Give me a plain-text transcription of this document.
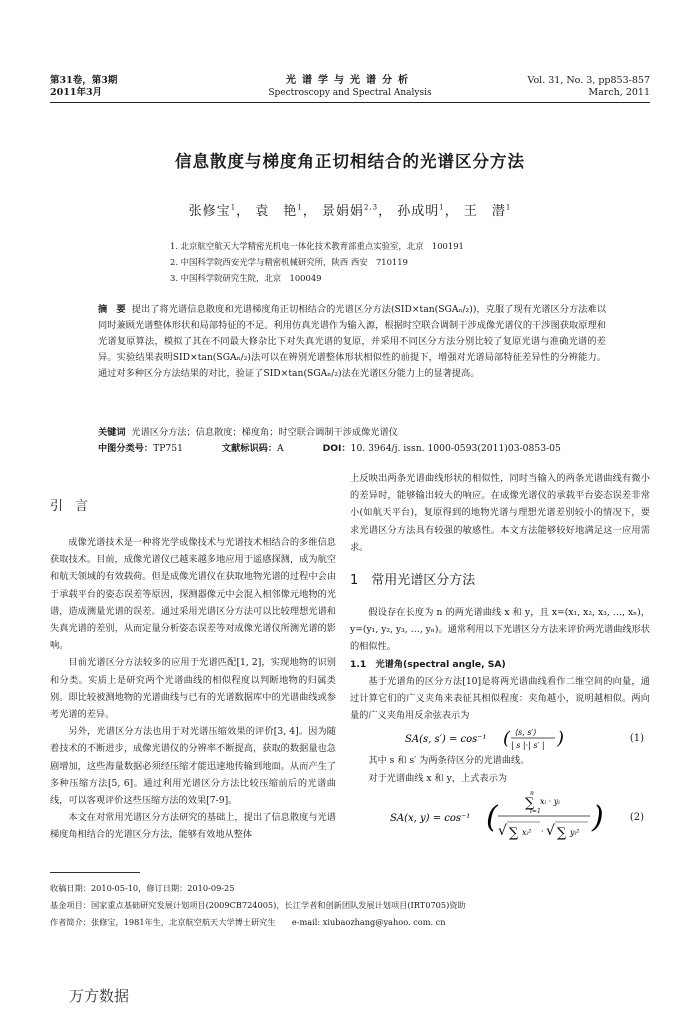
第31卷，第3期
2011年3月
光谱学与光谱分析
Spectroscopy and Spectral Analysis
Vol. 31, No. 3, pp853-857
March, 2011
信息散度与梯度角正切相结合的光谱区分方法
张修宝$^1$， 袁　艳$^1$， 景娟娟$^{2,3}$， 孙成明$^1$， 王　潜$^1$
1. 北京航空航天大学精密光机电一体化技术教育部重点实验室，北京　100191
2. 中国科学院西安光学与精密机械研究所，陕西 西安　710119
3. 中国科学院研究生院，北京　100049
摘　要 提出了将光谱信息散度和光谱梯度角正切相结合的光谱区分方法(SID×tan(SGAₙ/₂))，克服了现有光谱区分方法难以同时兼顾光谱整体形状和局部特征的不足。利用仿真光谱作为输入源，根据时空联合调制干涉成像光谱仪的干涉图获取原理和光谱复原算法，模拟了其在不同最大修杂比下对失真光谱的复原，并采用不同区分方法分别比较了复原光谱与准确光谱的差异。实验结果表明SID×tan(SGAₙ/₂)法可以在辨别光谱整体形状相似性的前提下，增强对光谱局部特征差异性的分辨能力。通过对多种区分方法结果的对比，验证了SID×tan(SGAₙ/₂)法在光谱区分能力上的显著提高。
关键词 光谱区分方法；信息散度；梯度角；时空联合调制干涉成像光谱仪
中图分类号：TP751	文献标识码：A	DOI：10. 3964/j. issn. 1000-0593(2011)03-0853-05
引言

成像光谱技术是一种将光学成像技术与光谱技术相结合的多维信息获取技术。目前，成像光谱仪已越来越多地应用于遥感探测，成为航空和航天领域的有效载荷。但是成像光谱仪在获取地物光谱的过程中会由于承载平台的姿态误差等原因，探测器像元中会混入相邻像元地物的光谱，造成测量光谱的误差。通过采用光谱区分方法可以比较理想光谱和失真光谱的差别，从而定量分析姿态误差等对成像光谱仪所测光谱的影响。

目前光谱区分方法较多的应用于光谱匹配[1, 2]，实现地物的识别和分类。实质上是研究两个光谱曲线的相似程度以判断地物的归属类别。即比较被测地物的光谱曲线与已有的光谱数据库中的光谱曲线或参考光谱的差异。

另外，光谱区分方法也用于对光谱压缩效果的评价[3, 4]。因为随着技术的不断进步，成像光谱仪的分辨率不断提高，获取的数据量也急剧增加，这些海量数据必须经压缩才能迅速地传输到地面。从而产生了多种压缩方法[5, 6]。通过利用光谱区分方法比较压缩前后的光谱曲线，可以客观评价这些压缩方法的效果[7-9]。

本文在对常用光谱区分方法研究的基础上，提出了信息散度与光谱梯度角相结合的光谱区分方法，能够有效地从整体

上反映出两条光谱曲线形状的相似性，同时当输入的两条光谱曲线有微小的差异时，能够输出较大的响应。在成像光谱仪的承载平台姿态误差非常小(如航天平台)，复原得到的地物光谱与理想光谱差别较小的情况下，要求光谱区分方法具有较强的敏感性。本文方法能够较好地满足这一应用需求。

1　常用光谱区分方法

假设存在长度为 n 的两光谱曲线 x 和 y，且 x=(x₁, x₂, x₃, …, xₙ)，y=(y₁, y₂, y₃, …, yₙ)。通常利用以下光谱区分方法来评价两光谱曲线形状的相似性。

1.1　光谱角(spectral angle, SA)

基于光谱角的区分方法[10]是将两光谱曲线看作二维空间的向量，通过计算它们的广义夹角来表征其相似程度：夹角越小，说明越相似。两向量的广义夹角用反余弦表示为

SA(s, s′) = cos⁻¹ ( ⟨s, s′⟩
| s |·| s′ | )	(1)

其中 s 和 s′ 为两条待区分的光谱曲线。

对于光谱曲线 x 和 y，上式表示为

SA(x, y) = cos⁻¹ (
n
∑
i=1
xᵢ · yᵢ
√ ∑ xᵢ² · √ ∑ yᵢ² )	(2)
收稿日期：2010-05-10，修订日期：2010-09-25
基金项目：国家重点基础研究发展计划项目(2009CB724005)，长江学者和创新团队发展计划项目(IRT0705)资助
作者简介：张修宝，1981年生，北京航空航天大学博士研究生　　e-mail: xiubaozhang@yahoo. com. cn
万方数据
